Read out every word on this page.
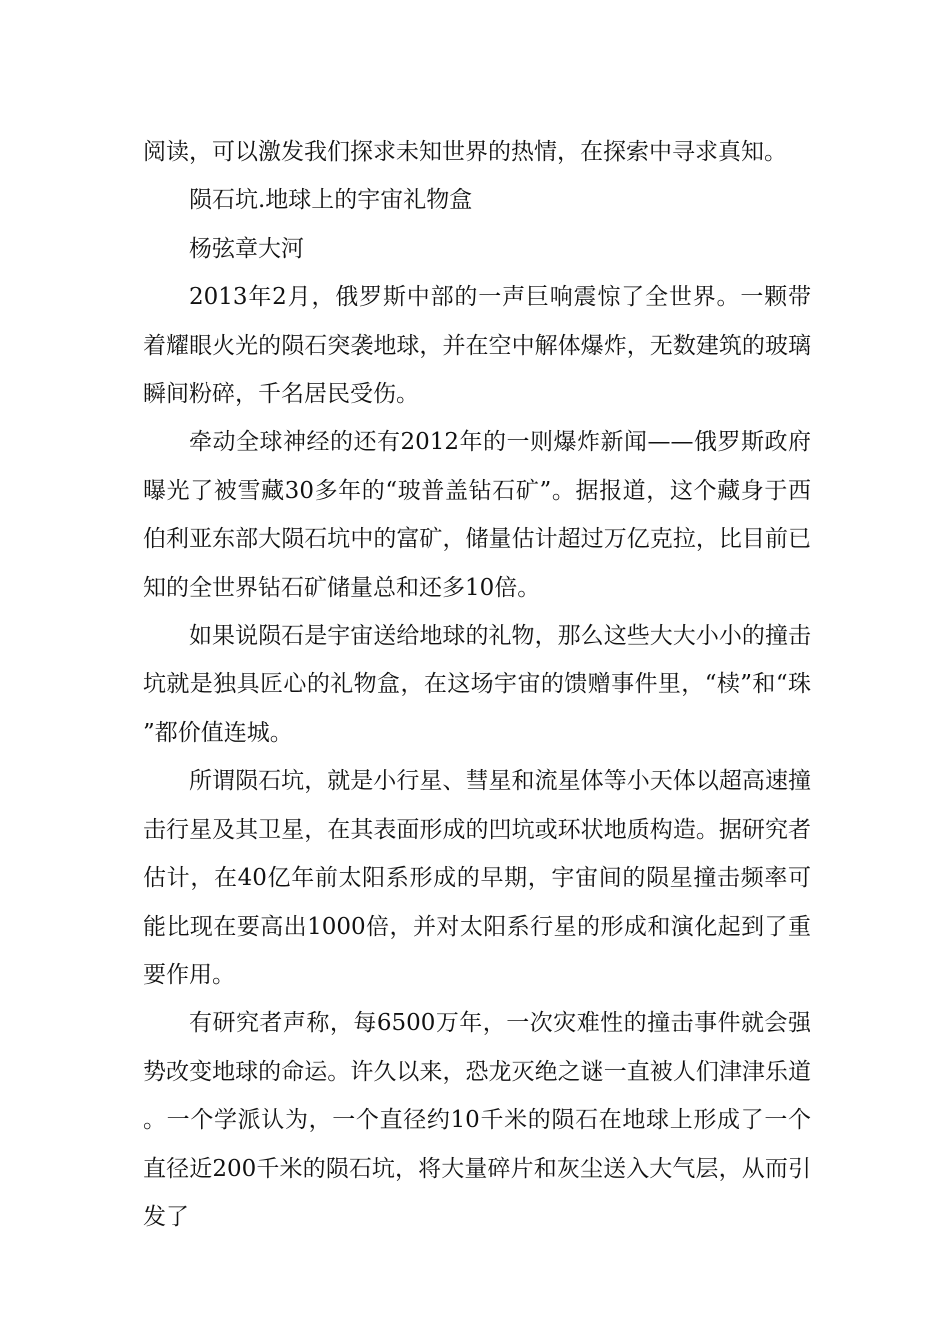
阅读，可以激发我们探求未知世界的热情，在探索中寻求真知。

陨石坑.地球上的宇宙礼物盒

杨弦章大河

2013年2月，俄罗斯中部的一声巨响震惊了全世界。一颗带着耀眼火光的陨石突袭地球，并在空中解体爆炸，无数建筑的玻璃瞬间粉碎，千名居民受伤。

牵动全球神经的还有2012年的一则爆炸新闻——俄罗斯政府曝光了被雪藏30多年的“玻普盖钻石矿”。据报道，这个藏身于西伯利亚东部大陨石坑中的富矿，储量估计超过万亿克拉，比目前已知的全世界钻石矿储量总和还多10倍。

如果说陨石是宇宙送给地球的礼物，那么这些大大小小的撞击坑就是独具匠心的礼物盒，在这场宇宙的馈赠事件里，“椟”和“珠”都价值连城。

所谓陨石坑，就是小行星、彗星和流星体等小天体以超高速撞击行星及其卫星，在其表面形成的凹坑或环状地质构造。据研究者估计，在40亿年前太阳系形成的早期，宇宙间的陨星撞击频率可能比现在要高出1000倍，并对太阳系行星的形成和演化起到了重要作用。

有研究者声称，每6500万年，一次灾难性的撞击事件就会强势改变地球的命运。许久以来，恐龙灭绝之谜一直被人们津津乐道。一个学派认为，一个直径约10千米的陨石在地球上形成了一个直径近200千米的陨石坑，将大量碎片和灰尘送入大气层，从而引发了
